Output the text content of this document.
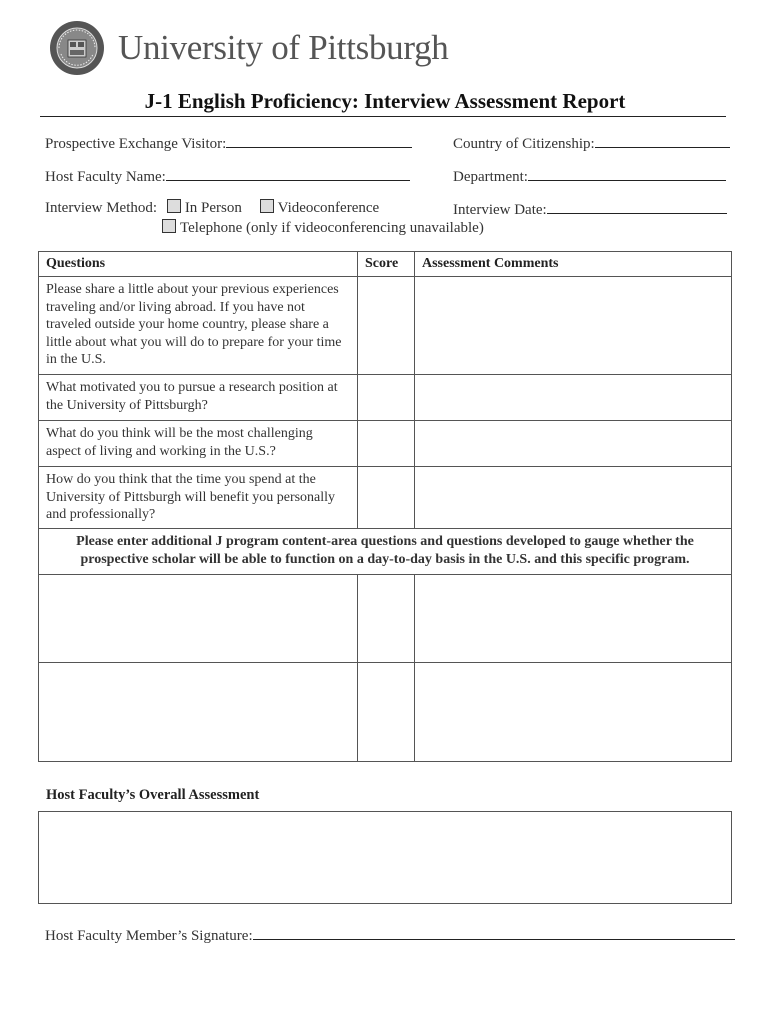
University of Pittsburgh
J-1 English Proficiency: Interview Assessment Report
Prospective Exchange Visitor:	Country of Citizenship:
Host Faculty Name:	Department:
Interview Method: In Person Videoconference	Interview Date:
Telephone (only if videoconferencing unavailable)
Questions	Score	Assessment Comments
Please share a little about your previous experiences traveling and/or living abroad. If you have not traveled outside your home country, please share a little about what you will do to prepare for your time in the U.S.		
What motivated you to pursue a research position at the University of Pittsburgh?		
What do you think will be the most challenging aspect of living and working in the U.S.?		
How do you think that the time you spend at the University of Pittsburgh will benefit you personally and professionally?		
Please enter additional J program content-area questions and questions developed to gauge whether the prospective scholar will be able to function on a day-to-day basis in the U.S. and this specific program.		

Host Faculty’s Overall Assessment
Host Faculty Member’s Signature:
